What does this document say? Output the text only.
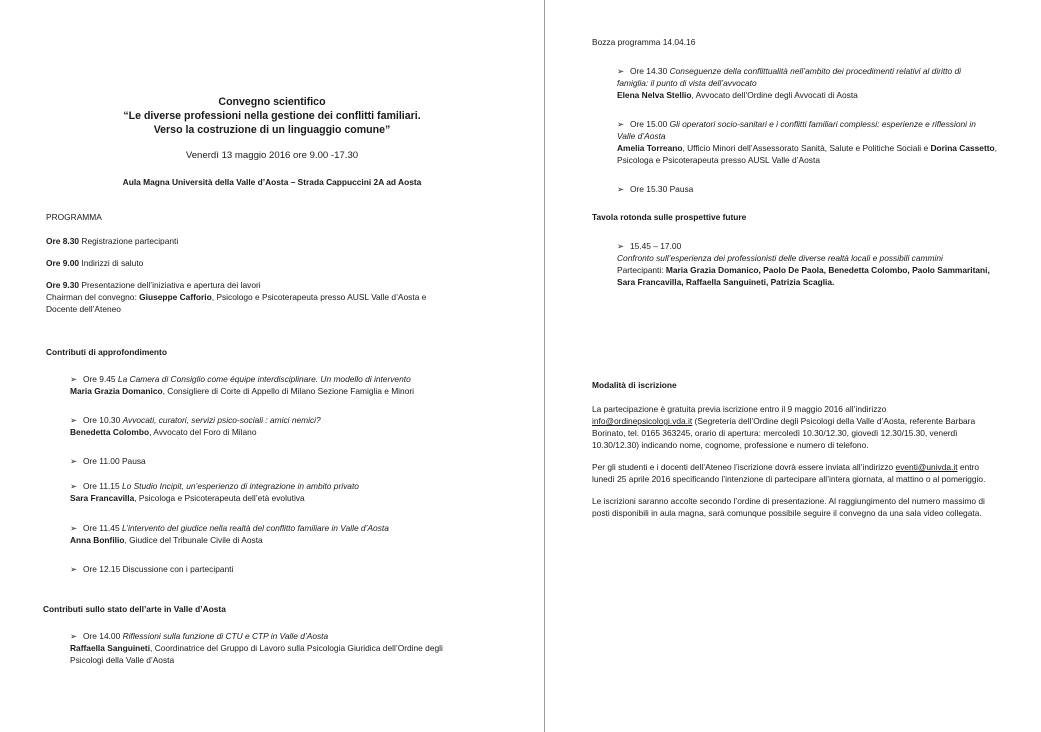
Convegno scientifico
“Le diverse professioni nella gestione dei conflitti familiari.
Verso la costruzione di un linguaggio comune”
Venerdì 13 maggio 2016 ore 9.00 -17.30
Aula Magna Università della Valle d’Aosta – Strada Cappuccini 2A ad Aosta
PROGRAMMA
Ore 8.30 Registrazione partecipanti
Ore 9.00 Indirizzi di saluto
Ore 9.30 Presentazione dell’iniziativa e apertura dei lavori
Chairman del convegno: Giuseppe Cafforio, Psicologo e Psicoterapeuta presso AUSL Valle d’Aosta e
Docente dell’Ateneo
Contributi di approfondimento
➢ Ore 9.45 La Camera di Consiglio come équipe interdisciplinare. Un modello di intervento
Maria Grazia Domanico, Consigliere di Corte di Appello di Milano Sezione Famiglia e Minori
➢ Ore 10.30 Avvocati, curatori, servizi psico-sociali : amici nemici?
Benedetta Colombo, Avvocato del Foro di Milano
➢ Ore 11.00 Pausa
➢ Ore 11.15 Lo Studio Incipit, un’esperienzo di integrazione in ambito privato
Sara Francavilla, Psicologa e Psicoterapeuta dell’età evolutiva
➢ Ore 11.45 L’intervento del giudice nella realtà del conflitto familiare in Valle d’Aosta
Anna Bonfilio, Giudice del Tribunale Civile di Aosta
➢ Ore 12.15 Discussione con i partecipanti
Contributi sullo stato dell’arte in Valle d’Aosta
➢ Ore 14.00 Riflessioni sulla funzione di CTU e CTP in Valle d’Aosta
Raffaella Sanguineti, Coordinatrice del Gruppo di Lavoro sulla Psicologia Giuridica dell’Ordine degli
Psicologi della Valle d’Aosta
Bozza programma 14.04.16
➢ Ore 14.30 Conseguenze della conflittualità nell’ambito dei procedimenti relativi al diritto di
famiglia: il punto di vista dell’avvocato
Elena Nelva Stellio, Avvocato dell’Ordine degli Avvocati di Aosta
➢ Ore 15.00 Gli operatori socio-sanitari e i conflitti familiari complessi: esperienze e riflessioni in
Valle d’Aosta
Amelia Torreano, Ufficio Minori dell’Assessorato Sanità, Salute e Politiche Sociali e Dorina Cassetto,
Psicologa e Psicoterapeuta presso AUSL Valle d’Aosta
➢ Ore 15.30 Pausa
Tavola rotonda sulle prospettive future
➢ 15.45 – 17.00
Confronto sull’esperienza dei professionisti delle diverse realtà locali e possibili cammini
Partecipanti: Maria Grazia Domanico, Paolo De Paola, Benedetta Colombo, Paolo Sammaritani,
Sara Francavilla, Raffaella Sanguineti, Patrizia Scaglia.
Modalità di iscrizione
La partecipazione è gratuita previa iscrizione entro il 9 maggio 2016 all’indirizzo
info@ordinepsicologi.vda.it (Segreteria dell’Ordine degli Psicologi della Valle d’Aosta, referente Barbara
Borinato, tel. 0165 363245, orario di apertura: mercoledì 10.30/12.30, giovedì 12.30/15.30, venerdì
10.30/12.30) indicando nome, cognome, professione e numero di telefono.
Per gli studenti e i docenti dell’Ateneo l’iscrizione dovrà essere inviata all’indirizzo eventi@univda.it entro
lunedì 25 aprile 2016 specificando l’intenzione di partecipare all’intera giornata, al mattino o al pomeriggio.
Le iscrizioni saranno accolte secondo l’ordine di presentazione. Al raggiungimento del numero massimo di
posti disponibili in aula magna, sarà comunque possibile seguire il convegno da una sala video collegata.
